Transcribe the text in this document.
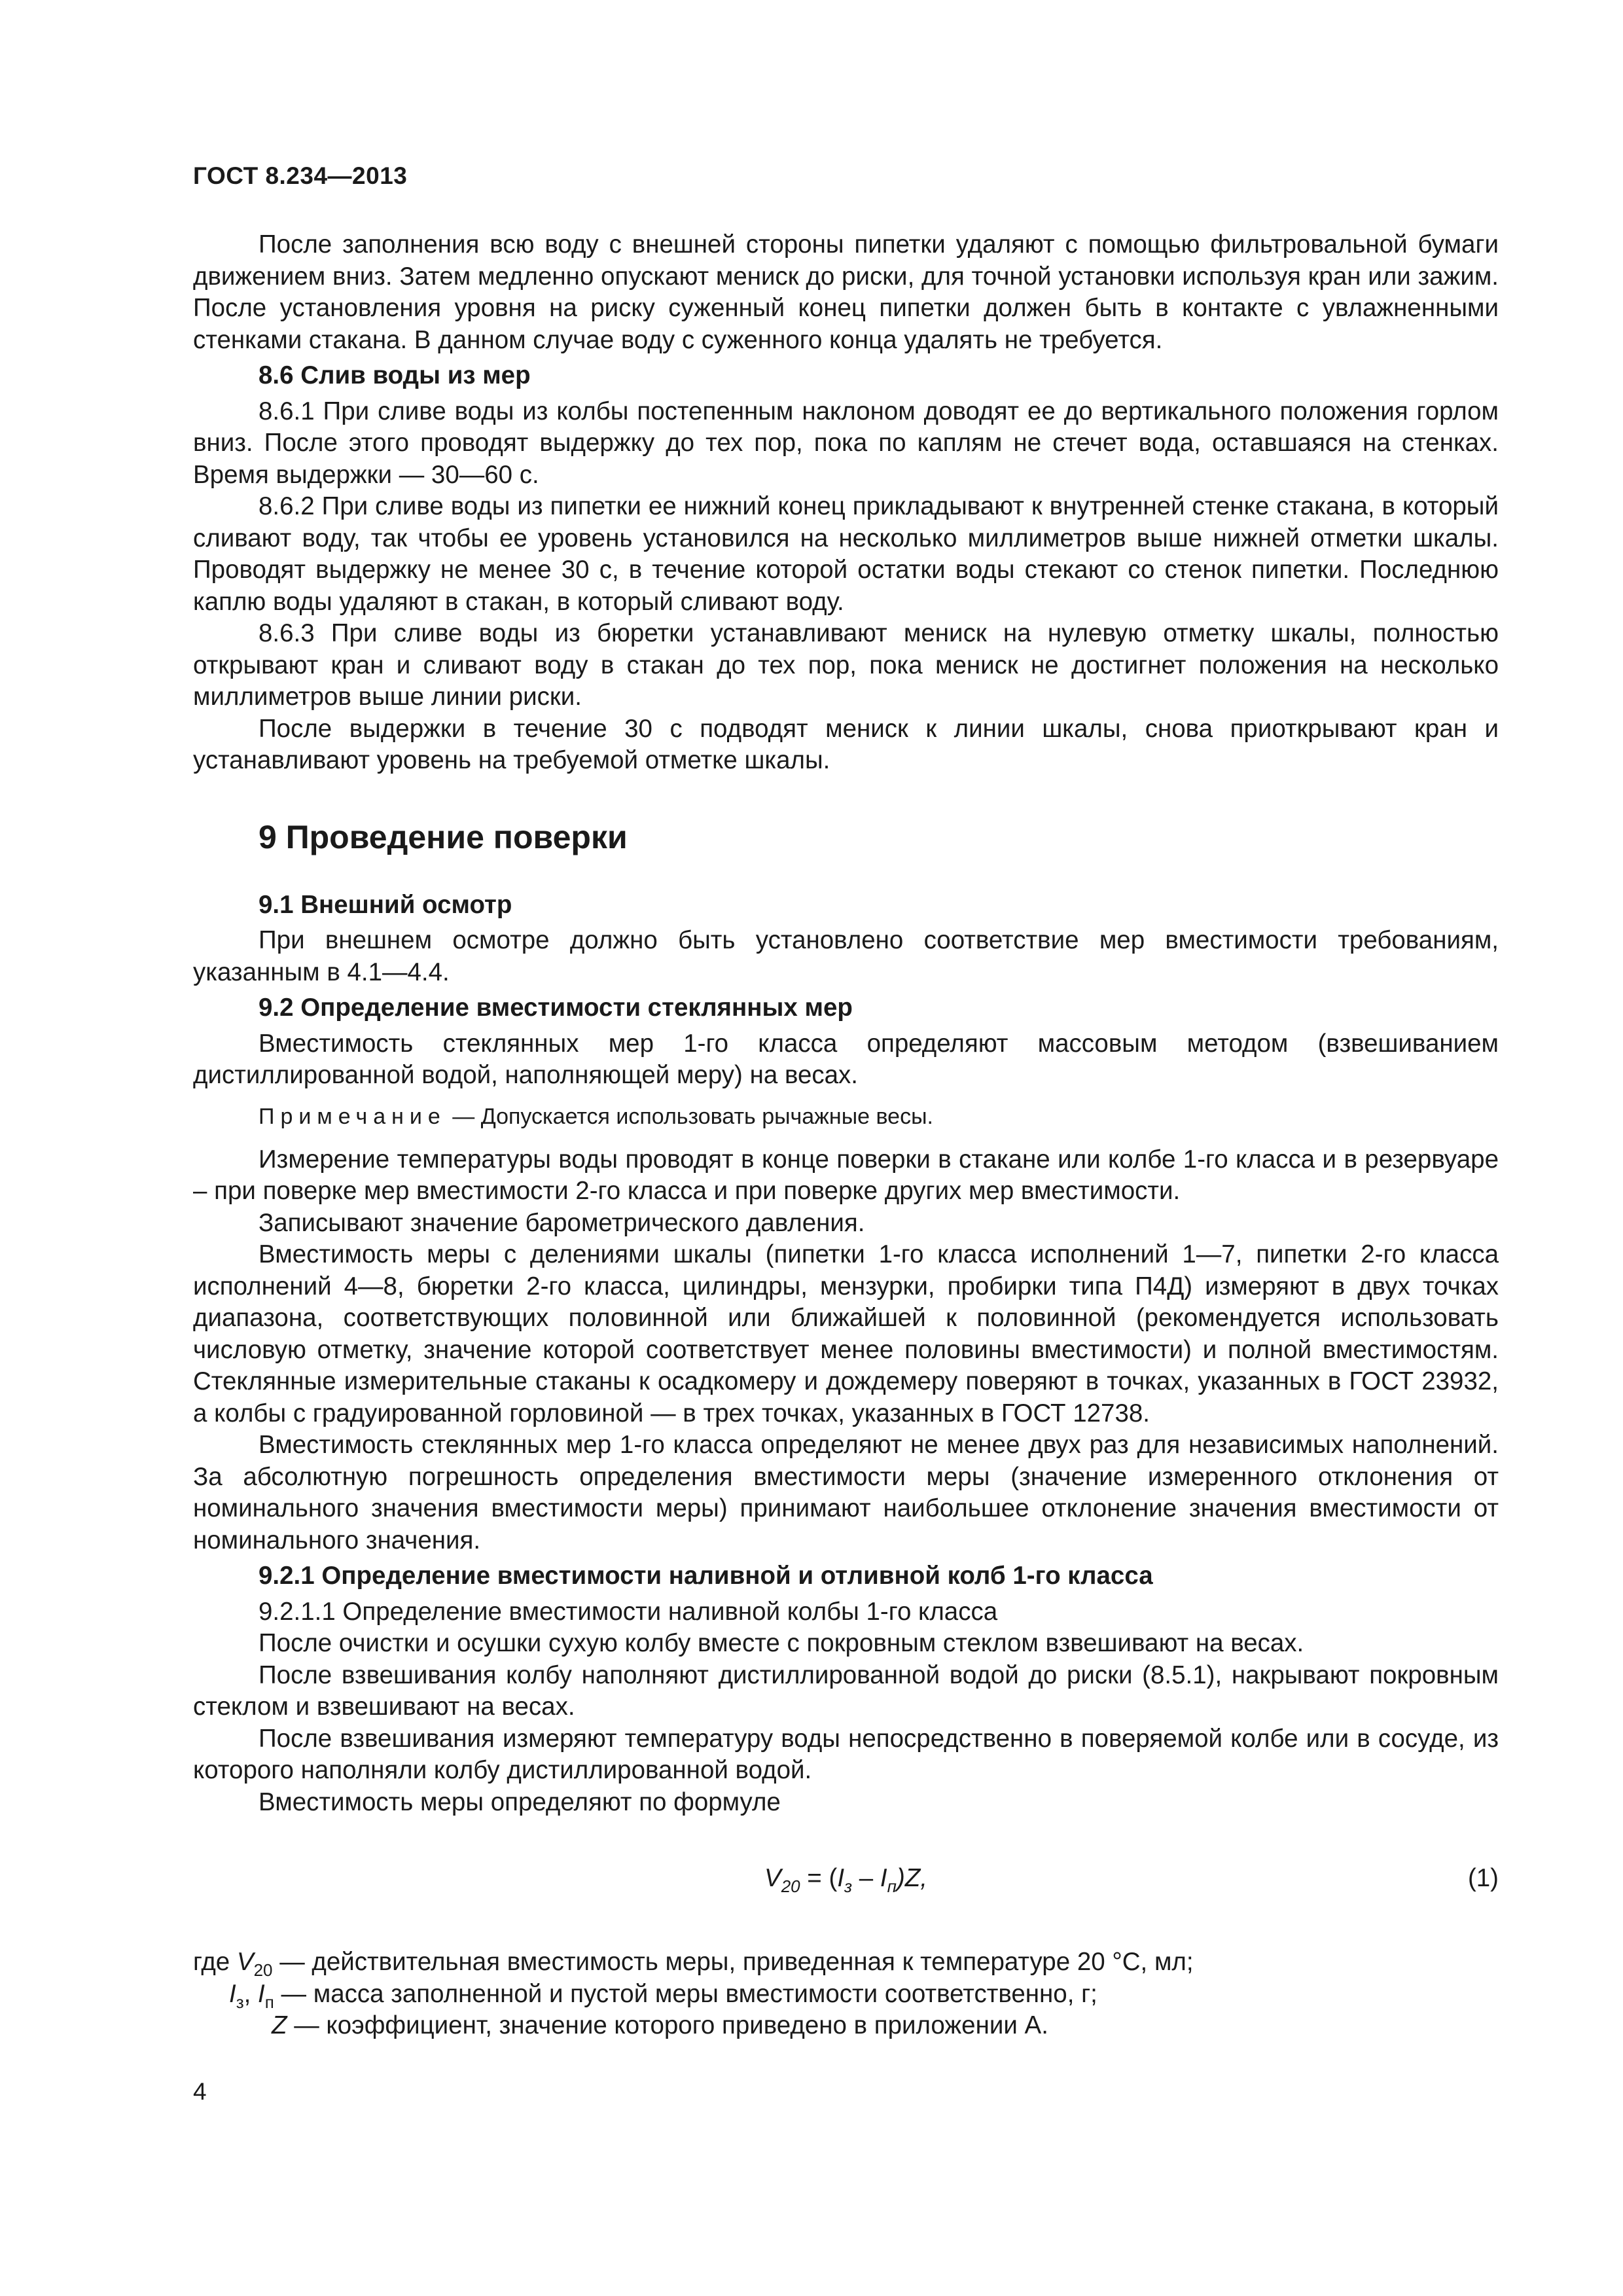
ГОСТ 8.234—2013

После заполнения всю воду с внешней стороны пипетки удаляют с помощью фильтровальной бумаги движением вниз. Затем медленно опускают мениск до риски, для точной установки используя кран или зажим. После установления уровня на риску суженный конец пипетки должен быть в контакте с увлажненными стенками стакана. В данном случае воду с суженного конца удалять не требуется.

8.6 Слив воды из мер

8.6.1 При сливе воды из колбы постепенным наклоном доводят ее до вертикального положения горлом вниз. После этого проводят выдержку до тех пор, пока по каплям не стечет вода, оставшаяся на стенках. Время выдержки — 30—60 с.

8.6.2 При сливе воды из пипетки ее нижний конец прикладывают к внутренней стенке стакана, в который сливают воду, так чтобы ее уровень установился на несколько миллиметров выше нижней отметки шкалы. Проводят выдержку не менее 30 с, в течение которой остатки воды стекают со стенок пипетки. Последнюю каплю воды удаляют в стакан, в который сливают воду.

8.6.3 При сливе воды из бюретки устанавливают мениск на нулевую отметку шкалы, полностью открывают кран и сливают воду в стакан до тех пор, пока мениск не достигнет положения на несколько миллиметров выше линии риски.

После выдержки в течение 30 с подводят мениск к линии шкалы, снова приоткрывают кран и устанавливают уровень на требуемой отметке шкалы.

9 Проведение поверки
9.1 Внешний осмотр

При внешнем осмотре должно быть установлено соответствие мер вместимости требованиям, указанным в 4.1—4.4.

9.2 Определение вместимости стеклянных мер

Вместимость стеклянных мер 1-го класса определяют массовым методом (взвешиванием дистиллированной водой, наполняющей меру) на весах.

Примечание — Допускается использовать рычажные весы.

Измерение температуры воды проводят в конце поверки в стакане или колбе 1-го класса и в резервуаре – при поверке мер вместимости 2-го класса и при поверке других мер вместимости.

Записывают значение барометрического давления.

Вместимость меры с делениями шкалы (пипетки 1-го класса исполнений 1—7, пипетки 2-го класса исполнений 4—8, бюретки 2-го класса, цилиндры, мензурки, пробирки типа П4Д) измеряют в двух точках диапазона, соответствующих половинной или ближайшей к половинной (рекомендуется использовать числовую отметку, значение которой соответствует менее половины вместимости) и полной вместимостям. Стеклянные измерительные стаканы к осадкомеру и дождемеру поверяют в точках, указанных в ГОСТ 23932, а колбы с градуированной горловиной — в трех точках, указанных в ГОСТ 12738.

Вместимость стеклянных мер 1-го класса определяют не менее двух раз для независимых наполнений. За абсолютную погрешность определения вместимости меры (значение измеренного отклонения от номинального значения вместимости меры) принимают наибольшее отклонение значения вместимости от номинального значения.

9.2.1 Определение вместимости наливной и отливной колб 1-го класса

9.2.1.1 Определение вместимости наливной колбы 1-го класса

После очистки и осушки сухую колбу вместе с покровным стеклом взвешивают на весах.

После взвешивания колбу наполняют дистиллированной водой до риски (8.5.1), накрывают покровным стеклом и взвешивают на весах.

После взвешивания измеряют температуру воды непосредственно в поверяемой колбе или в сосуде, из которого наполняли колбу дистиллированной водой.

Вместимость меры определяют по формуле

$V_{20} = (I_з - I_п)Z$,	(1)

где $V_{20}$ — действительная вместимость меры, приведенная к температуре 20 °С, мл;

$I_з$, $I_п$ — масса заполненной и пустой меры вместимости соответственно, г;

Z — коэффициент, значение которого приведено в приложении А.

4
